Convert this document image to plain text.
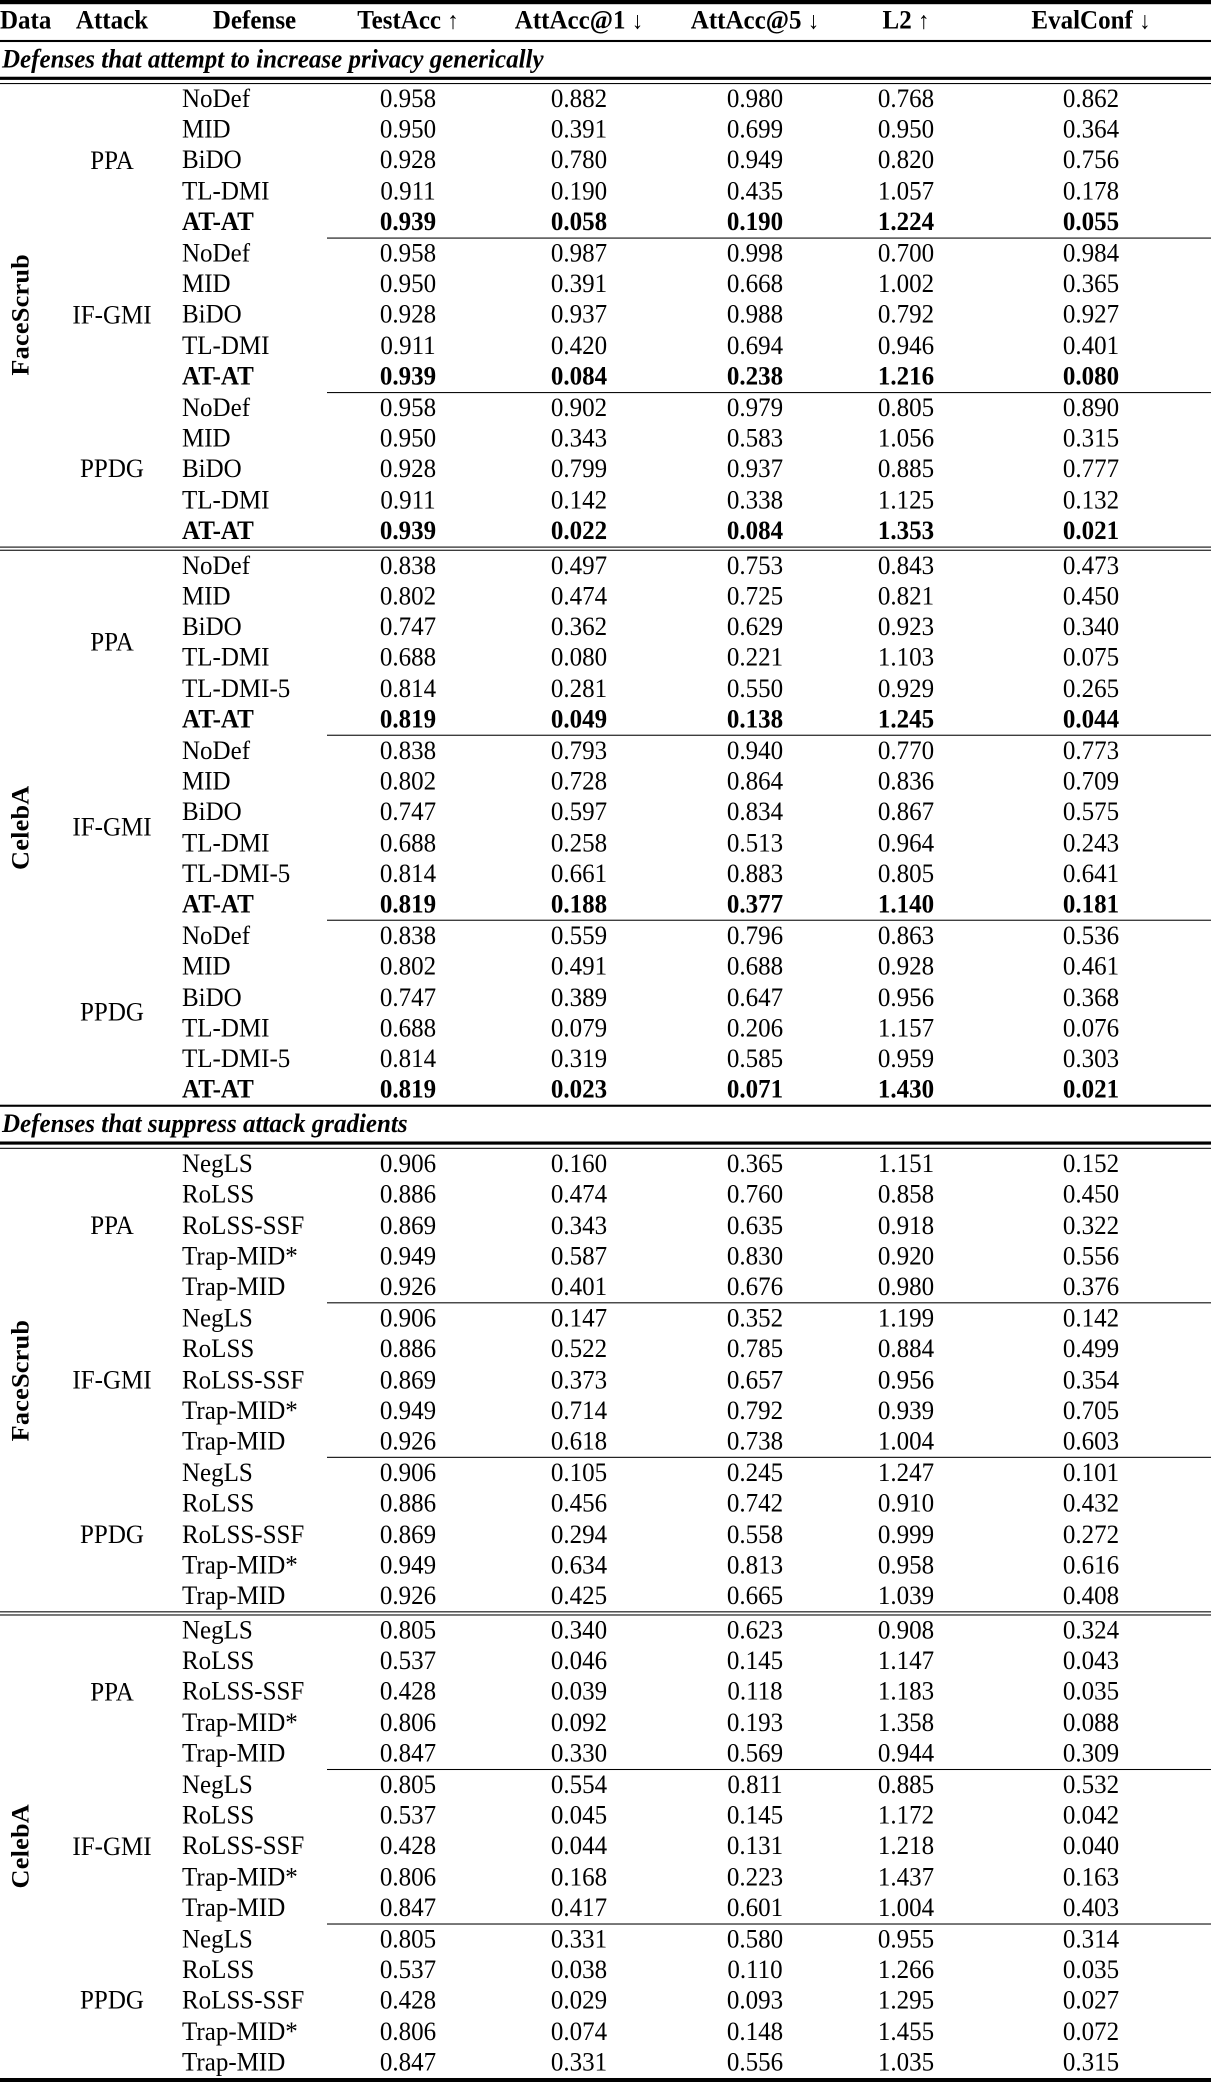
Data	Attack	Defense	TestAcc ↑	AttAcc@1 ↓	AttAcc@5 ↓	L2 ↑	EvalConf ↓

Defenses that attempt to increase privacy generically							

FaceScrub	PPA	NoDef	0.958	0.882	0.980	0.768	0.862
		MID	0.950	0.391	0.699	0.950	0.364
		BiDO	0.928	0.780	0.949	0.820	0.756
		TL-DMI	0.911	0.190	0.435	1.057	0.178
		AT-AT	0.939	0.058	0.190	1.224	0.055

	IF-GMI	NoDef	0.958	0.987	0.998	0.700	0.984
		MID	0.950	0.391	0.668	1.002	0.365
		BiDO	0.928	0.937	0.988	0.792	0.927
		TL-DMI	0.911	0.420	0.694	0.946	0.401
		AT-AT	0.939	0.084	0.238	1.216	0.080

	PPDG	NoDef	0.958	0.902	0.979	0.805	0.890
		MID	0.950	0.343	0.583	1.056	0.315
		BiDO	0.928	0.799	0.937	0.885	0.777
		TL-DMI	0.911	0.142	0.338	1.125	0.132
		AT-AT	0.939	0.022	0.084	1.353	0.021

CelebA	PPA	NoDef	0.838	0.497	0.753	0.843	0.473
		MID	0.802	0.474	0.725	0.821	0.450
		BiDO	0.747	0.362	0.629	0.923	0.340
		TL-DMI	0.688	0.080	0.221	1.103	0.075
		TL-DMI-5	0.814	0.281	0.550	0.929	0.265
		AT-AT	0.819	0.049	0.138	1.245	0.044

	IF-GMI	NoDef	0.838	0.793	0.940	0.770	0.773
		MID	0.802	0.728	0.864	0.836	0.709
		BiDO	0.747	0.597	0.834	0.867	0.575
		TL-DMI	0.688	0.258	0.513	0.964	0.243
		TL-DMI-5	0.814	0.661	0.883	0.805	0.641
		AT-AT	0.819	0.188	0.377	1.140	0.181

	PPDG	NoDef	0.838	0.559	0.796	0.863	0.536
		MID	0.802	0.491	0.688	0.928	0.461
		BiDO	0.747	0.389	0.647	0.956	0.368
		TL-DMI	0.688	0.079	0.206	1.157	0.076
		TL-DMI-5	0.814	0.319	0.585	0.959	0.303
		AT-AT	0.819	0.023	0.071	1.430	0.021

Defenses that suppress attack gradients							

FaceScrub	PPA	NegLS	0.906	0.160	0.365	1.151	0.152
		RoLSS	0.886	0.474	0.760	0.858	0.450
		RoLSS-SSF	0.869	0.343	0.635	0.918	0.322
		Trap-MID*	0.949	0.587	0.830	0.920	0.556
		Trap-MID	0.926	0.401	0.676	0.980	0.376

	IF-GMI	NegLS	0.906	0.147	0.352	1.199	0.142
		RoLSS	0.886	0.522	0.785	0.884	0.499
		RoLSS-SSF	0.869	0.373	0.657	0.956	0.354
		Trap-MID*	0.949	0.714	0.792	0.939	0.705
		Trap-MID	0.926	0.618	0.738	1.004	0.603

	PPDG	NegLS	0.906	0.105	0.245	1.247	0.101
		RoLSS	0.886	0.456	0.742	0.910	0.432
		RoLSS-SSF	0.869	0.294	0.558	0.999	0.272
		Trap-MID*	0.949	0.634	0.813	0.958	0.616
		Trap-MID	0.926	0.425	0.665	1.039	0.408

CelebA	PPA	NegLS	0.805	0.340	0.623	0.908	0.324
		RoLSS	0.537	0.046	0.145	1.147	0.043
		RoLSS-SSF	0.428	0.039	0.118	1.183	0.035
		Trap-MID*	0.806	0.092	0.193	1.358	0.088
		Trap-MID	0.847	0.330	0.569	0.944	0.309

	IF-GMI	NegLS	0.805	0.554	0.811	0.885	0.532
		RoLSS	0.537	0.045	0.145	1.172	0.042
		RoLSS-SSF	0.428	0.044	0.131	1.218	0.040
		Trap-MID*	0.806	0.168	0.223	1.437	0.163
		Trap-MID	0.847	0.417	0.601	1.004	0.403

	PPDG	NegLS	0.805	0.331	0.580	0.955	0.314
		RoLSS	0.537	0.038	0.110	1.266	0.035
		RoLSS-SSF	0.428	0.029	0.093	1.295	0.027
		Trap-MID*	0.806	0.074	0.148	1.455	0.072
		Trap-MID	0.847	0.331	0.556	1.035	0.315
